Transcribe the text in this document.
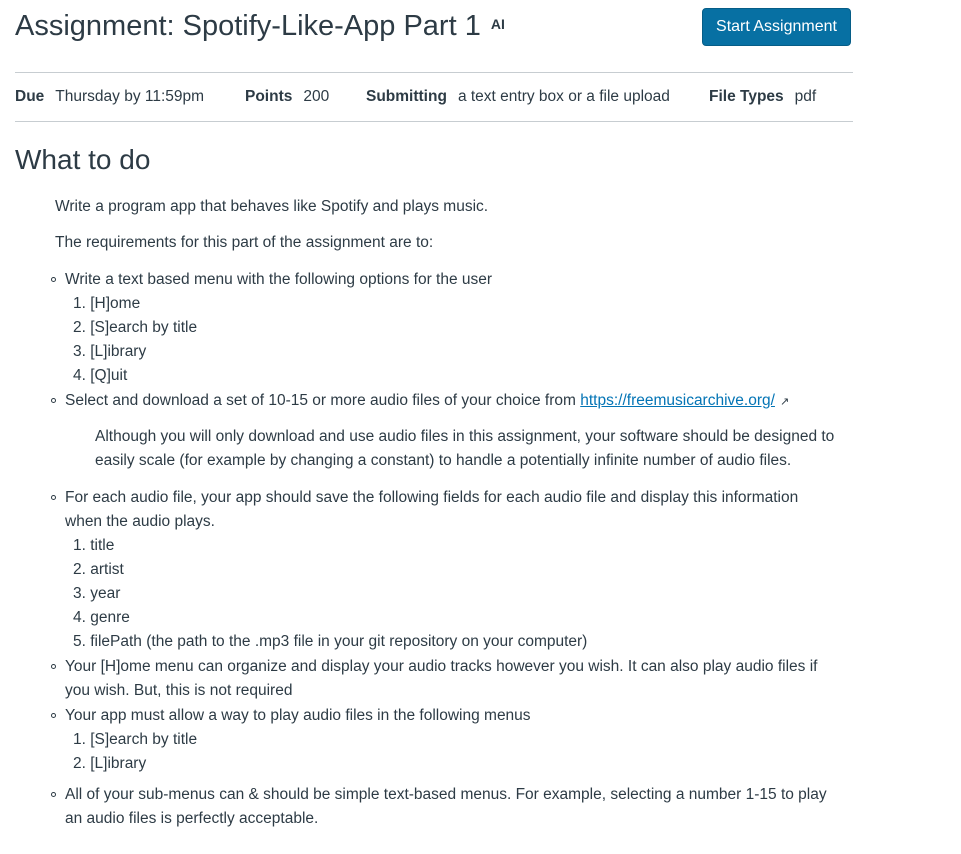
Assignment: Spotify-Like-App Part 1 AI	Start Assignment
Due Thursday by 11:59pm	Points 200 Submitting a text entry box or a file upload	File Types pdf
What to do
Write a program app that behaves like Spotify and plays music.
The requirements for this part of the assignment are to:
Write a text based menu with the following options for the user
1. [H]ome
2. [S]earch by title
3. [L]ibrary
4. [Q]uit
Select and download a set of 10-15 or more audio files of your choice from https://freemusicarchive.org/ ↗
Although you will only download and use audio files in this assignment, your software should be designed to
easily scale (for example by changing a constant) to handle a potentially infinite number of audio files.
For each audio file, your app should save the following fields for each audio file and display this information
when the audio plays.
1. title
2. artist
3. year
4. genre
5. filePath (the path to the .mp3 file in your git repository on your computer)
Your [H]ome menu can organize and display your audio tracks however you wish. It can also play audio files if
you wish. But, this is not required
Your app must allow a way to play audio files in the following menus
1. [S]earch by title
2. [L]ibrary
All of your sub-menus can & should be simple text-based menus. For example, selecting a number 1-15 to play
an audio files is perfectly acceptable.
